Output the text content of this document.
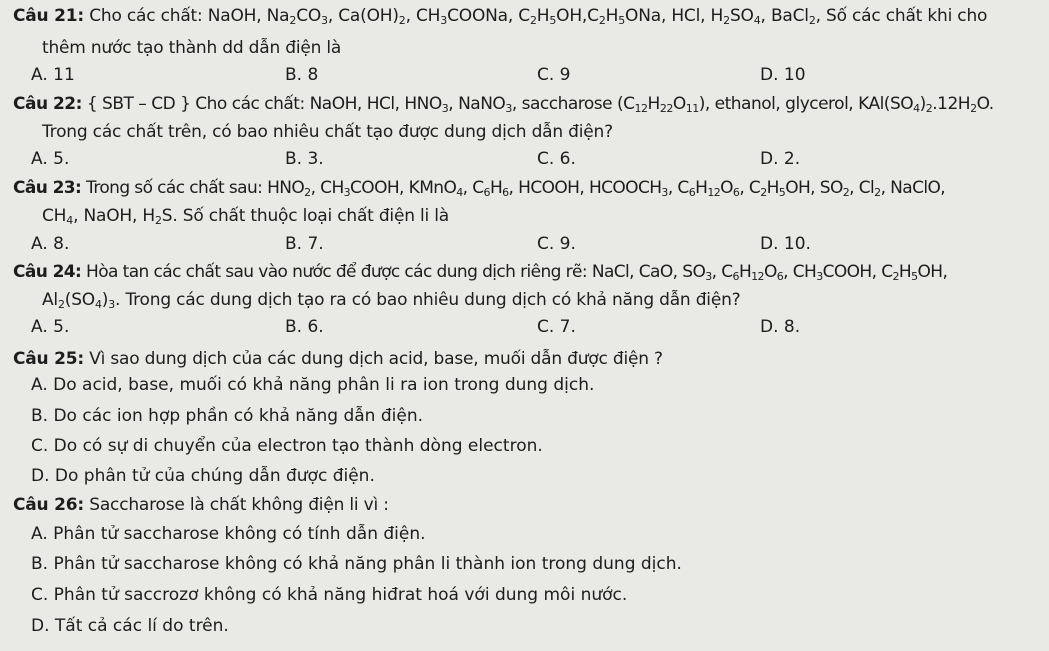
Câu 21: Cho các chất: NaOH, $Na_2CO_3$, $Ca(OH)_2$, $CH_3COONa$, $C_2H_5OH,C_2H_5ONa$, HCl, $H_2SO_4$, BaCl$_2$, Số các chất khi cho
thêm nước tạo thành dd dẫn điện là
A. 11	B. 8	C. 9	D. 10
Câu 22: { SBT – CD } Cho các chất: NaOH, HCl, $HNO_3$, NaNO$_3$, saccharose $(C_{12}H_{22}O_{11})$, ethanol, glycerol, $KAl(SO_4)_2.12H_2O$.
Trong các chất trên, có bao nhiêu chất tạo được dung dịch dẫn điện?
A. 5.	B. 3.	C. 6.	D. 2.
Câu 23: Trong số các chất sau: $HNO_2$, $CH_3COOH$, KMnO$_4$, $C_6H_6$, HCOOH, $HCOOCH_3$, $C_6H_{12}O_6$, $C_2H_5OH$, $SO_2$, $Cl_2$, NaClO,
$CH_4$, NaOH, $H_2S$. Số chất thuộc loại chất điện li là
A. 8.	B. 7.	C. 9.	D. 10.
Câu 24: Hòa tan các chất sau vào nước để được các dung dịch riêng rẽ: NaCl, CaO, $SO_3$, $C_6H_{12}O_6$, $CH_3COOH$, $C_2H_5OH$,
$Al_2(SO_4)_3$. Trong các dung dịch tạo ra có bao nhiêu dung dịch có khả năng dẫn điện?
A. 5.	B. 6.	C. 7.	D. 8.
Câu 25: Vì sao dung dịch của các dung dịch acid, base, muối dẫn được điện ?
A. Do acid, base, muối có khả năng phân li ra ion trong dung dịch.
B. Do các ion hợp phần có khả năng dẫn điện.
C. Do có sự di chuyển của electron tạo thành dòng electron.
D. Do phân tử của chúng dẫn được điện.
Câu 26: Saccharose là chất không điện li vì :
A. Phân tử saccharose không có tính dẫn điện.
B. Phân tử saccharose không có khả năng phân li thành ion trong dung dịch.
C. Phân tử saccrozơ không có khả năng hiđrat hoá với dung môi nước.
D. Tất cả các lí do trên.
